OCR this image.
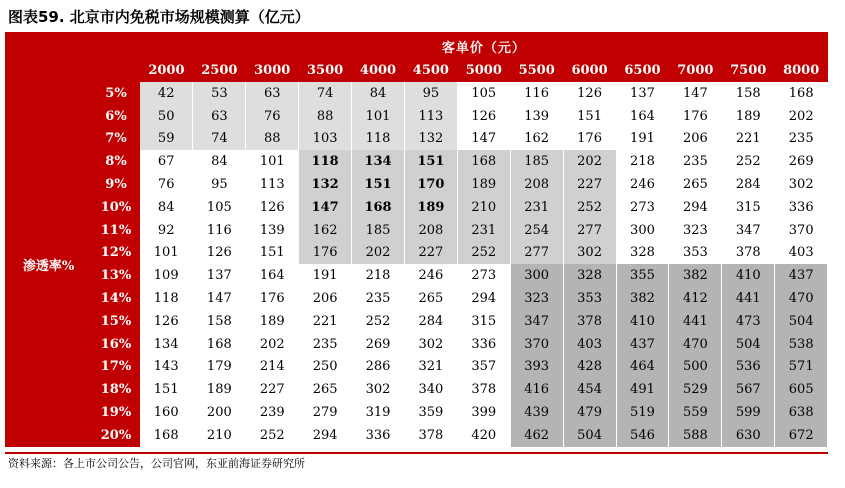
图表59. 北京市内免税市场规模测算（亿元）
		客单价（元）												
		2000	2500	3000	3500	4000	4500	5000	5500	6000	6500	7000	7500	8000
渗透率%	5%	42	53	63	74	84	95	105	116	126	137	147	158	168
	6%	50	63	76	88	101	113	126	139	151	164	176	189	202
	7%	59	74	88	103	118	132	147	162	176	191	206	221	235
	8%	67	84	101	118	134	151	168	185	202	218	235	252	269
	9%	76	95	113	132	151	170	189	208	227	246	265	284	302
	10%	84	105	126	147	168	189	210	231	252	273	294	315	336
	11%	92	116	139	162	185	208	231	254	277	300	323	347	370
	12%	101	126	151	176	202	227	252	277	302	328	353	378	403
	13%	109	137	164	191	218	246	273	300	328	355	382	410	437
	14%	118	147	176	206	235	265	294	323	353	382	412	441	470
	15%	126	158	189	221	252	284	315	347	378	410	441	473	504
	16%	134	168	202	235	269	302	336	370	403	437	470	504	538
	17%	143	179	214	250	286	321	357	393	428	464	500	536	571
	18%	151	189	227	265	302	340	378	416	454	491	529	567	605
	19%	160	200	239	279	319	359	399	439	479	519	559	599	638
	20%	168	210	252	294	336	378	420	462	504	546	588	630	672
资料来源：各上市公司公告，公司官网，东亚前海证券研究所
